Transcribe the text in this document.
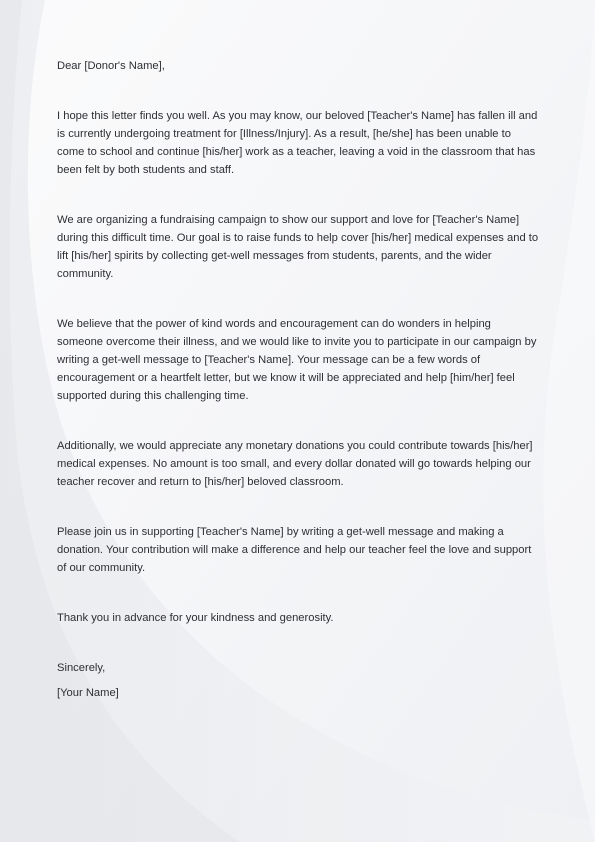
Dear [Donor's Name],

I hope this letter finds you well. As you may know, our beloved [Teacher's Name] has fallen ill and is currently undergoing treatment for [Illness/Injury]. As a result, [he/she] has been unable to come to school and continue [his/her] work as a teacher, leaving a void in the classroom that has been felt by both students and staff.

We are organizing a fundraising campaign to show our support and love for [Teacher's Name] during this difficult time. Our goal is to raise funds to help cover [his/her] medical expenses and to lift [his/her] spirits by collecting get-well messages from students, parents, and the wider community.

We believe that the power of kind words and encouragement can do wonders in helping someone overcome their illness, and we would like to invite you to participate in our campaign by writing a get-well message to [Teacher's Name]. Your message can be a few words of encouragement or a heartfelt letter, but we know it will be appreciated and help [him/her] feel supported during this challenging time.

Additionally, we would appreciate any monetary donations you could contribute towards [his/her] medical expenses. No amount is too small, and every dollar donated will go towards helping our teacher recover and return to [his/her] beloved classroom.

Please join us in supporting [Teacher's Name] by writing a get-well message and making a donation. Your contribution will make a difference and help our teacher feel the love and support of our community.

Thank you in advance for your kindness and generosity.

Sincerely,

[Your Name]
